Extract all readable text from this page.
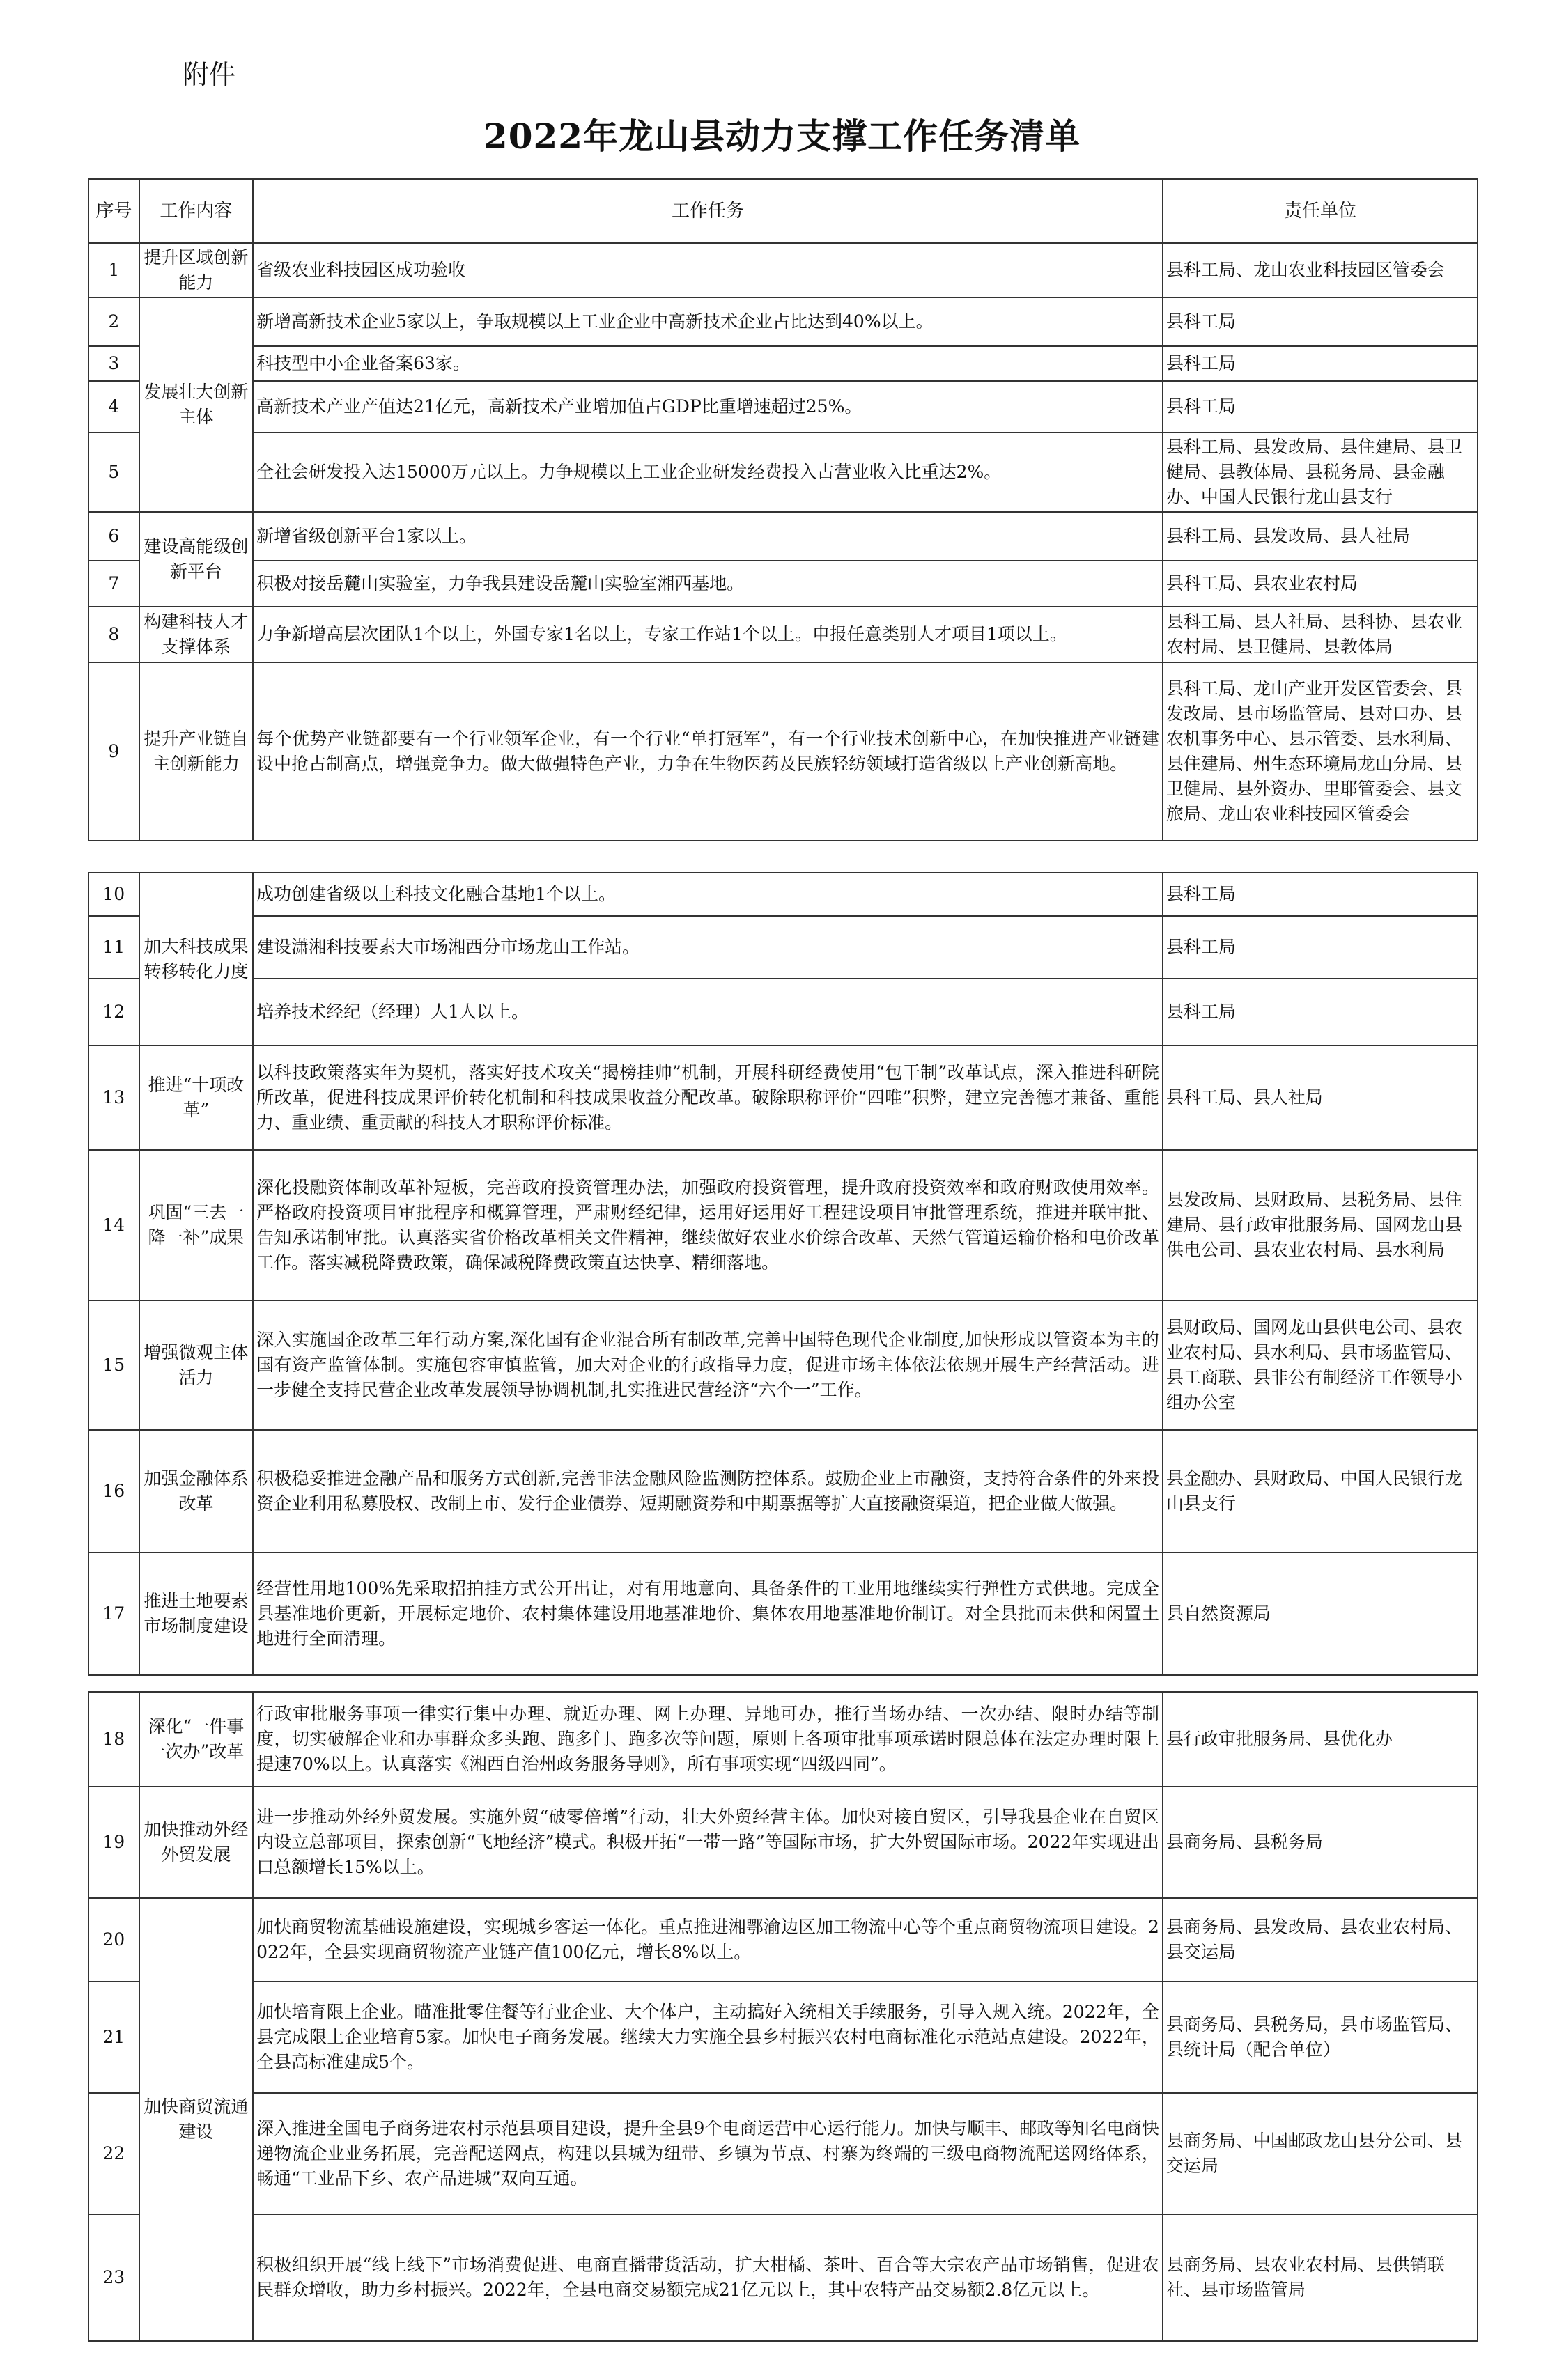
附件
2022年龙山县动力支撑工作任务清单
序号	工作内容	工作任务	责任单位
1	提升区域创新能力	省级农业科技园区成功验收	县科工局、龙山农业科技园区管委会
2	发展壮大创新主体	新增高新技术企业5家以上，争取规模以上工业企业中高新技术企业占比达到40%以上。	县科工局
3		科技型中小企业备案63家。	县科工局
4		高新技术产业产值达21亿元，高新技术产业增加值占GDP比重增速超过25%。	县科工局
5		全社会研发投入达15000万元以上。力争规模以上工业企业研发经费投入占营业收入比重达2%。	县科工局、县发改局、县住建局、县卫健局、县教体局、县税务局、县金融办、中国人民银行龙山县支行
6	建设高能级创新平台	新增省级创新平台1家以上。	县科工局、县发改局、县人社局
7		积极对接岳麓山实验室，力争我县建设岳麓山实验室湘西基地。	县科工局、县农业农村局
8	构建科技人才支撑体系	力争新增高层次团队1个以上，外国专家1名以上，专家工作站1个以上。申报任意类别人才项目1项以上。	县科工局、县人社局、县科协、县农业农村局、县卫健局、县教体局
9	提升产业链自主创新能力	每个优势产业链都要有一个行业领军企业，有一个行业“单打冠军”，有一个行业技术创新中心，在加快推进产业链建设中抢占制高点，增强竞争力。做大做强特色产业，力争在生物医药及民族轻纺领域打造省级以上产业创新高地。	县科工局、龙山产业开发区管委会、县发改局、县市场监管局、县对口办、县农机事务中心、县示管委、县水利局、县住建局、州生态环境局龙山分局、县卫健局、县外资办、里耶管委会、县文旅局、龙山农业科技园区管委会
10	加大科技成果转移转化力度	成功创建省级以上科技文化融合基地1个以上。	县科工局
11		建设潇湘科技要素大市场湘西分市场龙山工作站。	县科工局
12		培养技术经纪（经理）人1人以上。	县科工局
13	推进“十项改革”	以科技政策落实年为契机，落实好技术攻关“揭榜挂帅”机制，开展科研经费使用“包干制”改革试点，深入推进科研院所改革，促进科技成果评价转化机制和科技成果收益分配改革。破除职称评价“四唯”积弊，建立完善德才兼备、重能力、重业绩、重贡献的科技人才职称评价标准。	县科工局、县人社局
14	巩固“三去一降一补”成果	深化投融资体制改革补短板，完善政府投资管理办法，加强政府投资管理，提升政府投资效率和政府财政使用效率。严格政府投资项目审批程序和概算管理，严肃财经纪律，运用好运用好工程建设项目审批管理系统，推进并联审批、告知承诺制审批。认真落实省价格改革相关文件精神，继续做好农业水价综合改革、天然气管道运输价格和电价改革工作。落实减税降费政策，确保减税降费政策直达快享、精细落地。	县发改局、县财政局、县税务局、县住建局、县行政审批服务局、国网龙山县供电公司、县农业农村局、县水利局
15	增强微观主体活力	深入实施国企改革三年行动方案,深化国有企业混合所有制改革,完善中国特色现代企业制度,加快形成以管资本为主的国有资产监管体制。实施包容审慎监管，加大对企业的行政指导力度，促进市场主体依法依规开展生产经营活动。进一步健全支持民营企业改革发展领导协调机制,扎实推进民营经济“六个一”工作。	县财政局、国网龙山县供电公司、县农业农村局、县水利局、县市场监管局、县工商联、县非公有制经济工作领导小组办公室
16	加强金融体系改革	积极稳妥推进金融产品和服务方式创新,完善非法金融风险监测防控体系。鼓励企业上市融资，支持符合条件的外来投资企业利用私募股权、改制上市、发行企业债券、短期融资券和中期票据等扩大直接融资渠道，把企业做大做强。	县金融办、县财政局、中国人民银行龙山县支行
17	推进土地要素市场制度建设	经营性用地100%先采取招拍挂方式公开出让，对有用地意向、具备条件的工业用地继续实行弹性方式供地。完成全县基准地价更新，开展标定地价、农村集体建设用地基准地价、集体农用地基准地价制订。对全县批而未供和闲置土地进行全面清理。	县自然资源局
18	深化“一件事一次办”改革	行政审批服务事项一律实行集中办理、就近办理、网上办理、异地可办，推行当场办结、一次办结、限时办结等制度，切实破解企业和办事群众多头跑、跑多门、跑多次等问题，原则上各项审批事项承诺时限总体在法定办理时限上提速70%以上。认真落实《湘西自治州政务服务导则》，所有事项实现“四级四同”。	县行政审批服务局、县优化办
19	加快推动外经外贸发展	进一步推动外经外贸发展。实施外贸“破零倍增”行动，壮大外贸经营主体。加快对接自贸区，引导我县企业在自贸区内设立总部项目，探索创新“飞地经济”模式。积极开拓“一带一路”等国际市场，扩大外贸国际市场。2022年实现进出口总额增长15%以上。	县商务局、县税务局
20	加快商贸流通建设	加快商贸物流基础设施建设，实现城乡客运一体化。重点推进湘鄂渝边区加工物流中心等个重点商贸物流项目建设。2022年，全县实现商贸物流产业链产值100亿元，增长8%以上。	县商务局、县发改局、县农业农村局、县交运局
21		加快培育限上企业。瞄准批零住餐等行业企业、大个体户，主动搞好入统相关手续服务，引导入规入统。2022年，全县完成限上企业培育5家。加快电子商务发展。继续大力实施全县乡村振兴农村电商标准化示范站点建设。2022年，全县高标准建成5个。	县商务局、县税务局，县市场监管局、县统计局（配合单位）
22		深入推进全国电子商务进农村示范县项目建设，提升全县9个电商运营中心运行能力。加快与顺丰、邮政等知名电商快递物流企业业务拓展，完善配送网点，构建以县城为纽带、乡镇为节点、村寨为终端的三级电商物流配送网络体系，畅通“工业品下乡、农产品进城”双向互通。	县商务局、中国邮政龙山县分公司、县交运局
23		积极组织开展“线上线下”市场消费促进、电商直播带货活动，扩大柑橘、茶叶、百合等大宗农产品市场销售，促进农民群众增收，助力乡村振兴。2022年，全县电商交易额完成21亿元以上，其中农特产品交易额2.8亿元以上。	县商务局、县农业农村局、县供销联社、县市场监管局
